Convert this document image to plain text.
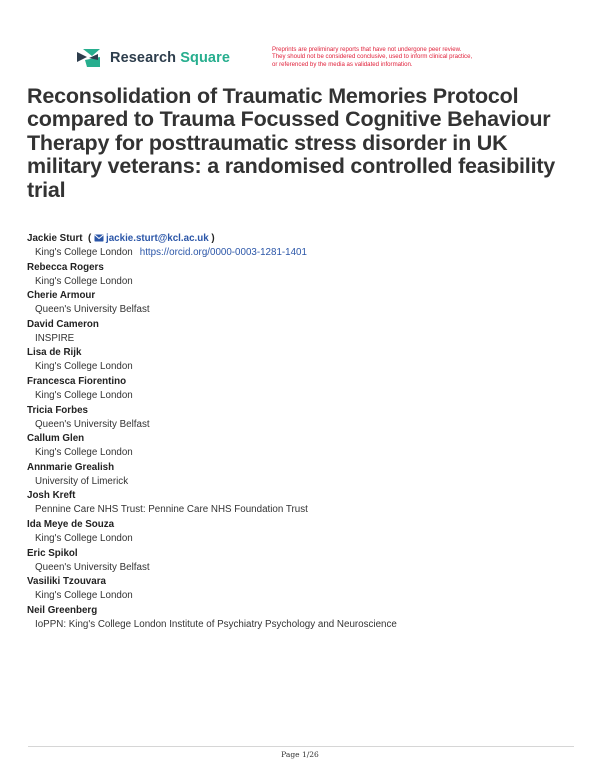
Research Square
Preprints are preliminary reports that have not undergone peer review.
They should not be considered conclusive, used to inform clinical practice,
or referenced by the media as validated information.
Reconsolidation of Traumatic Memories Protocol compared to Trauma Focussed Cognitive Behaviour Therapy for posttraumatic stress disorder in UK military veterans: a randomised controlled feasibility trial
Jackie Sturt  ( jackie.sturt@kcl.ac.uk )
King's College London https://orcid.org/0000-0003-1281-1401
Rebecca Rogers
King's College London
Cherie Armour
Queen's University Belfast
David Cameron
INSPIRE
Lisa de Rijk
King's College London
Francesca Fiorentino
King's College London
Tricia Forbes
Queen's University Belfast
Callum Glen
King's College London
Annmarie Grealish
University of Limerick
Josh Kreft
Pennine Care NHS Trust: Pennine Care NHS Foundation Trust
Ida Meye de Souza
King's College London
Eric Spikol
Queen's University Belfast
Vasiliki Tzouvara
King's College London
Neil Greenberg
IoPPN: King's College London Institute of Psychiatry Psychology and Neuroscience
Page 1/26
